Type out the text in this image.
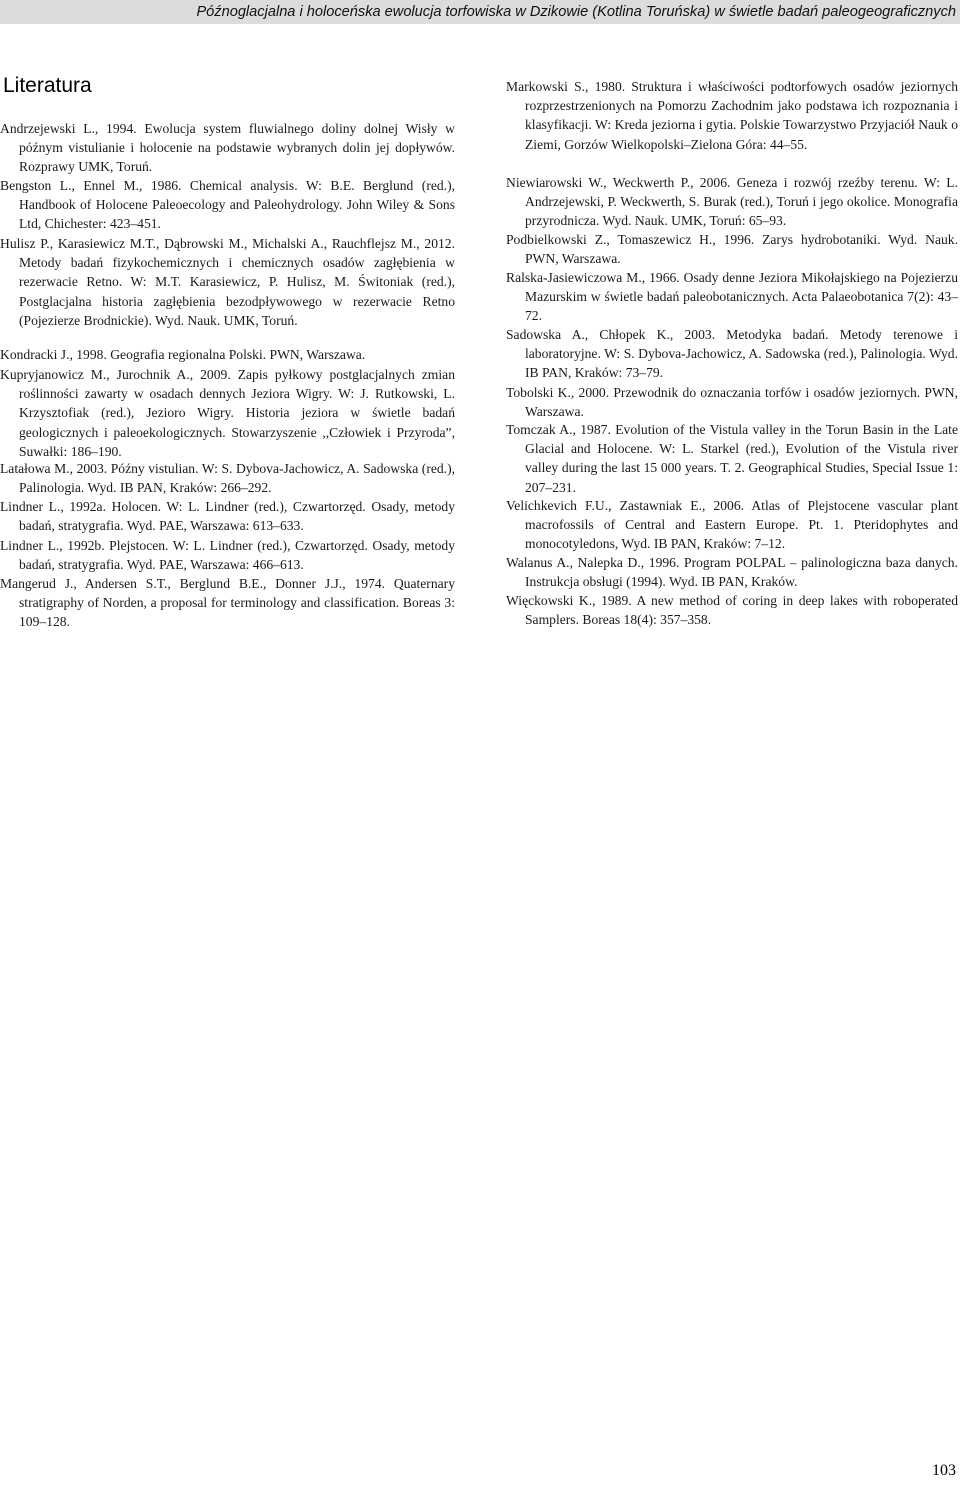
Późnoglacjalna i holoceńska ewolucja torfowiska w Dzikowie (Kotlina Toruńska) w świetle badań paleogeograficznych
Literatura

Andrzejewski L., 1994. Ewolucja system fluwialnego doliny dolnej Wisły w późnym vistulianie i holocenie na podstawie wybranych dolin jej dopływów. Rozprawy UMK, Toruń.

Bengston L., Ennel M., 1986. Chemical analysis. W: B.E. Berglund (red.), Handbook of Holocene Paleoecology and Paleohydrology. John Wiley & Sons Ltd, Chichester: 423–451.

Hulisz P., Karasiewicz M.T., Dąbrowski M., Michalski A., Rauchflejsz M., 2012. Metody badań fizykochemicznych i chemicznych osadów zagłębienia w rezerwacie Retno. W: M.T. Karasiewicz, P. Hulisz, M. Świtoniak (red.), Postglacjalna historia zagłębienia bezodpływowego w rezerwacie Retno (Pojezierze Brodnickie). Wyd. Nauk. UMK, Toruń.

Kondracki J., 1998. Geografia regionalna Polski. PWN, Warszawa.

Kupryjanowicz M., Jurochnik A., 2009. Zapis pyłkowy postglacjalnych zmian roślinności zawarty w osadach dennych Jeziora Wigry. W: J. Rutkowski, L. Krzysztofiak (red.), Jezioro Wigry. Historia jeziora w świetle badań geologicznych i paleoekologicznych. Stowarzyszenie ,,Człowiek i Przyroda”, Suwałki: 186–190.

Latałowa M., 2003. Późny vistulian. W: S. Dybova-Jachowicz, A. Sadowska (red.), Palinologia. Wyd. IB PAN, Kraków: 266–292.

Lindner L., 1992a. Holocen. W: L. Lindner (red.), Czwartorzęd. Osady, metody badań, stratygrafia. Wyd. PAE, Warszawa: 613–633.

Lindner L., 1992b. Plejstocen. W: L. Lindner (red.), Czwartorzęd. Osady, metody badań, stratygrafia. Wyd. PAE, Warszawa: 466–613.

Mangerud J., Andersen S.T., Berglund B.E., Donner J.J., 1974. Quaternary stratigraphy of Norden, a proposal for terminology and classification. Boreas 3: 109–128.

Markowski S., 1980. Struktura i właściwości podtorfowych osadów jeziornych rozprzestrzenionych na Pomorzu Zachodnim jako podstawa ich rozpoznania i klasyfikacji. W: Kreda jeziorna i gytia. Polskie Towarzystwo Przyjaciół Nauk o Ziemi, Gorzów Wielkopolski–Zielona Góra: 44–55.

Niewiarowski W., Weckwerth P., 2006. Geneza i rozwój rzeźby terenu. W: L. Andrzejewski, P. Weckwerth, S. Burak (red.), Toruń i jego okolice. Monografia przyrodnicza. Wyd. Nauk. UMK, Toruń: 65–93.

Podbielkowski Z., Tomaszewicz H., 1996. Zarys hydrobotaniki. Wyd. Nauk. PWN, Warszawa.

Ralska-Jasiewiczowa M., 1966. Osady denne Jeziora Mikołajskiego na Pojezierzu Mazurskim w świetle badań paleobotanicznych. Acta Palaeobotanica 7(2): 43–72.

Sadowska A., Chłopek K., 2003. Metodyka badań. Metody terenowe i laboratoryjne. W: S. Dybova-Jachowicz, A. Sadowska (red.), Palinologia. Wyd. IB PAN, Kraków: 73–79.

Tobolski K., 2000. Przewodnik do oznaczania torfów i osadów jeziornych. PWN, Warszawa.

Tomczak A., 1987. Evolution of the Vistula valley in the Torun Basin in the Late Glacial and Holocene. W: L. Starkel (red.), Evolution of the Vistula river valley during the last 15 000 years. T. 2. Geographical Studies, Special Issue 1: 207–231.

Velichkevich F.U., Zastawniak E., 2006. Atlas of Plejstocene vascular plant macrofossils of Central and Eastern Europe. Pt. 1. Pteridophytes and monocotyledons, Wyd. IB PAN, Kraków: 7–12.

Walanus A., Nalepka D., 1996. Program POLPAL – palinologiczna baza danych. Instrukcja obsługi (1994). Wyd. IB PAN, Kraków.

Więckowski K., 1989. A new method of coring in deep lakes with roboperated Samplers. Boreas 18(4): 357–358.

103
